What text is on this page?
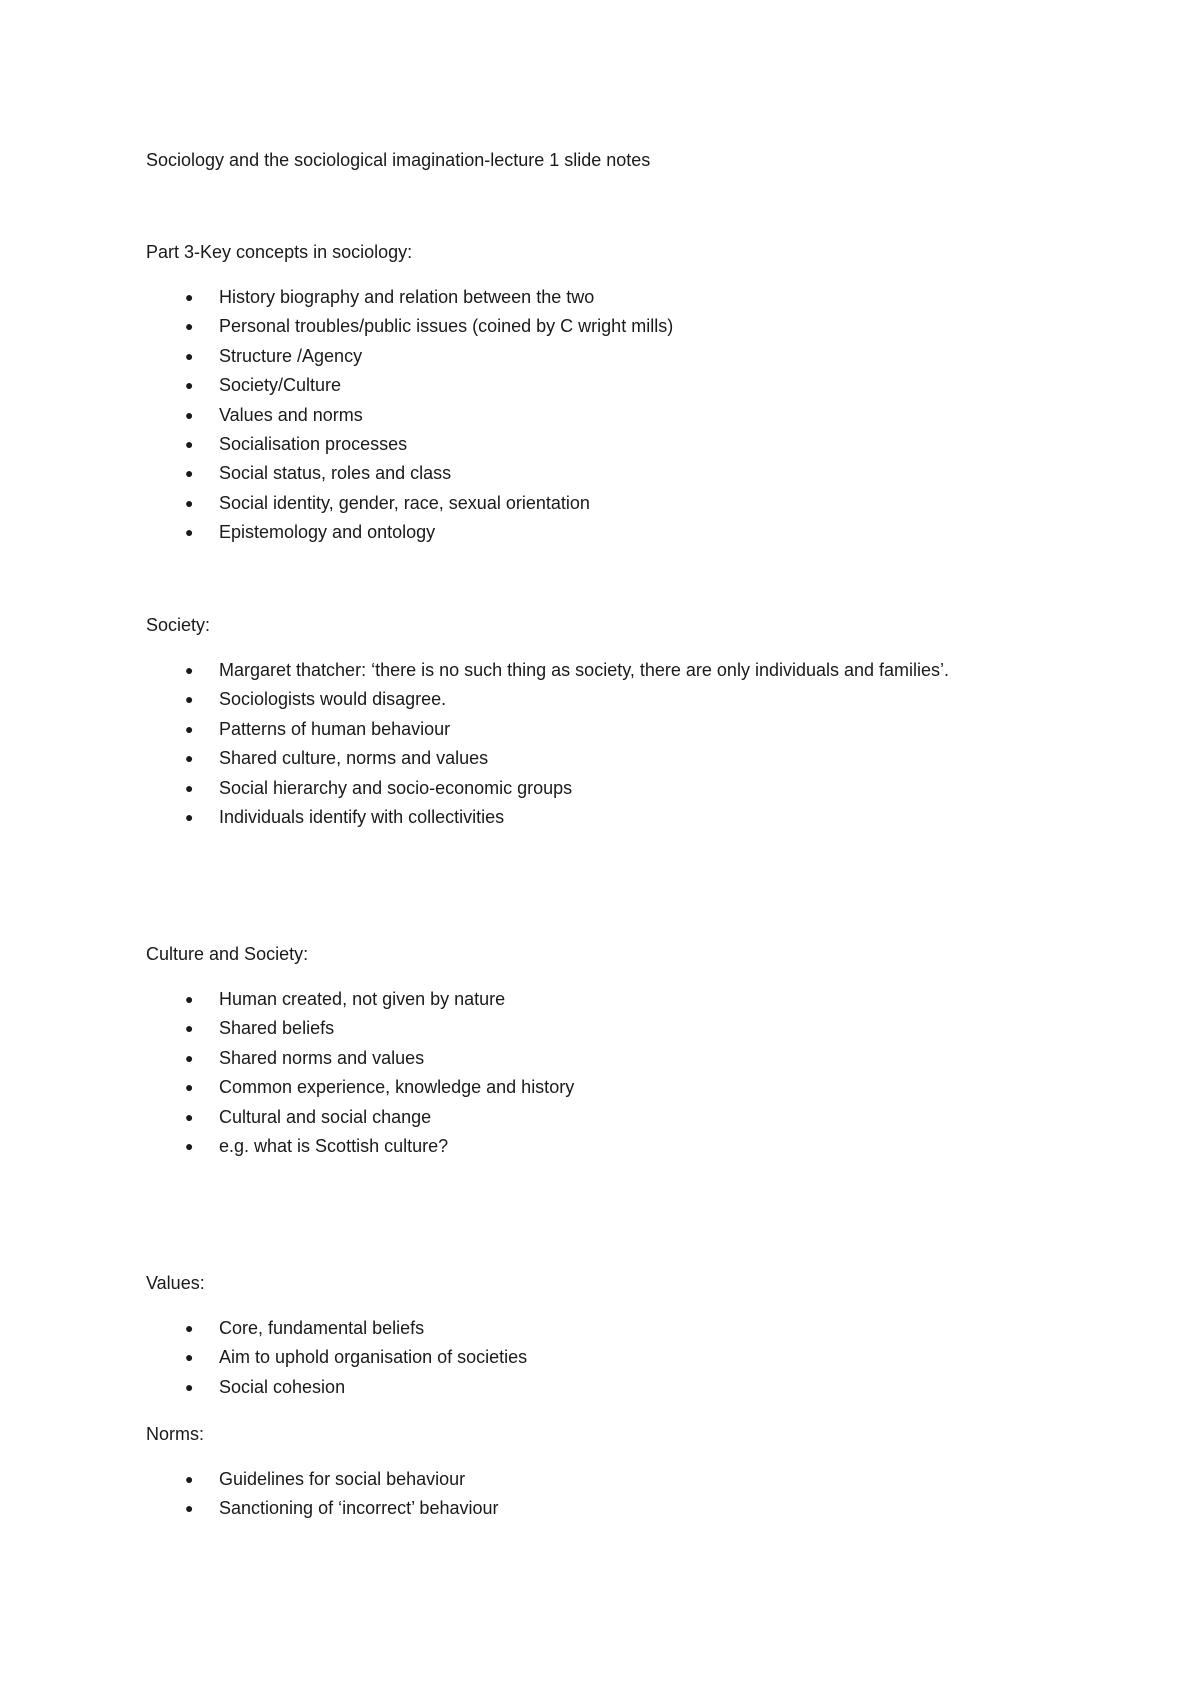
Sociology and the sociological imagination-lecture 1 slide notes
Part 3-Key concepts in sociology:
● History biography and relation between the two
● Personal troubles/public issues (coined by C wright mills)
● Structure /Agency
● Society/Culture
● Values and norms
● Socialisation processes
● Social status, roles and class
● Social identity, gender, race, sexual orientation
● Epistemology and ontology
Society:
● Margaret thatcher: ‘there is no such thing as society, there are only individuals and families’.
● Sociologists would disagree.
● Patterns of human behaviour
● Shared culture, norms and values
● Social hierarchy and socio-economic groups
● Individuals identify with collectivities
Culture and Society:
● Human created, not given by nature
● Shared beliefs
● Shared norms and values
● Common experience, knowledge and history
● Cultural and social change
● e.g. what is Scottish culture?
Values:
● Core, fundamental beliefs
● Aim to uphold organisation of societies
● Social cohesion
Norms:
● Guidelines for social behaviour
● Sanctioning of ‘incorrect’ behaviour
